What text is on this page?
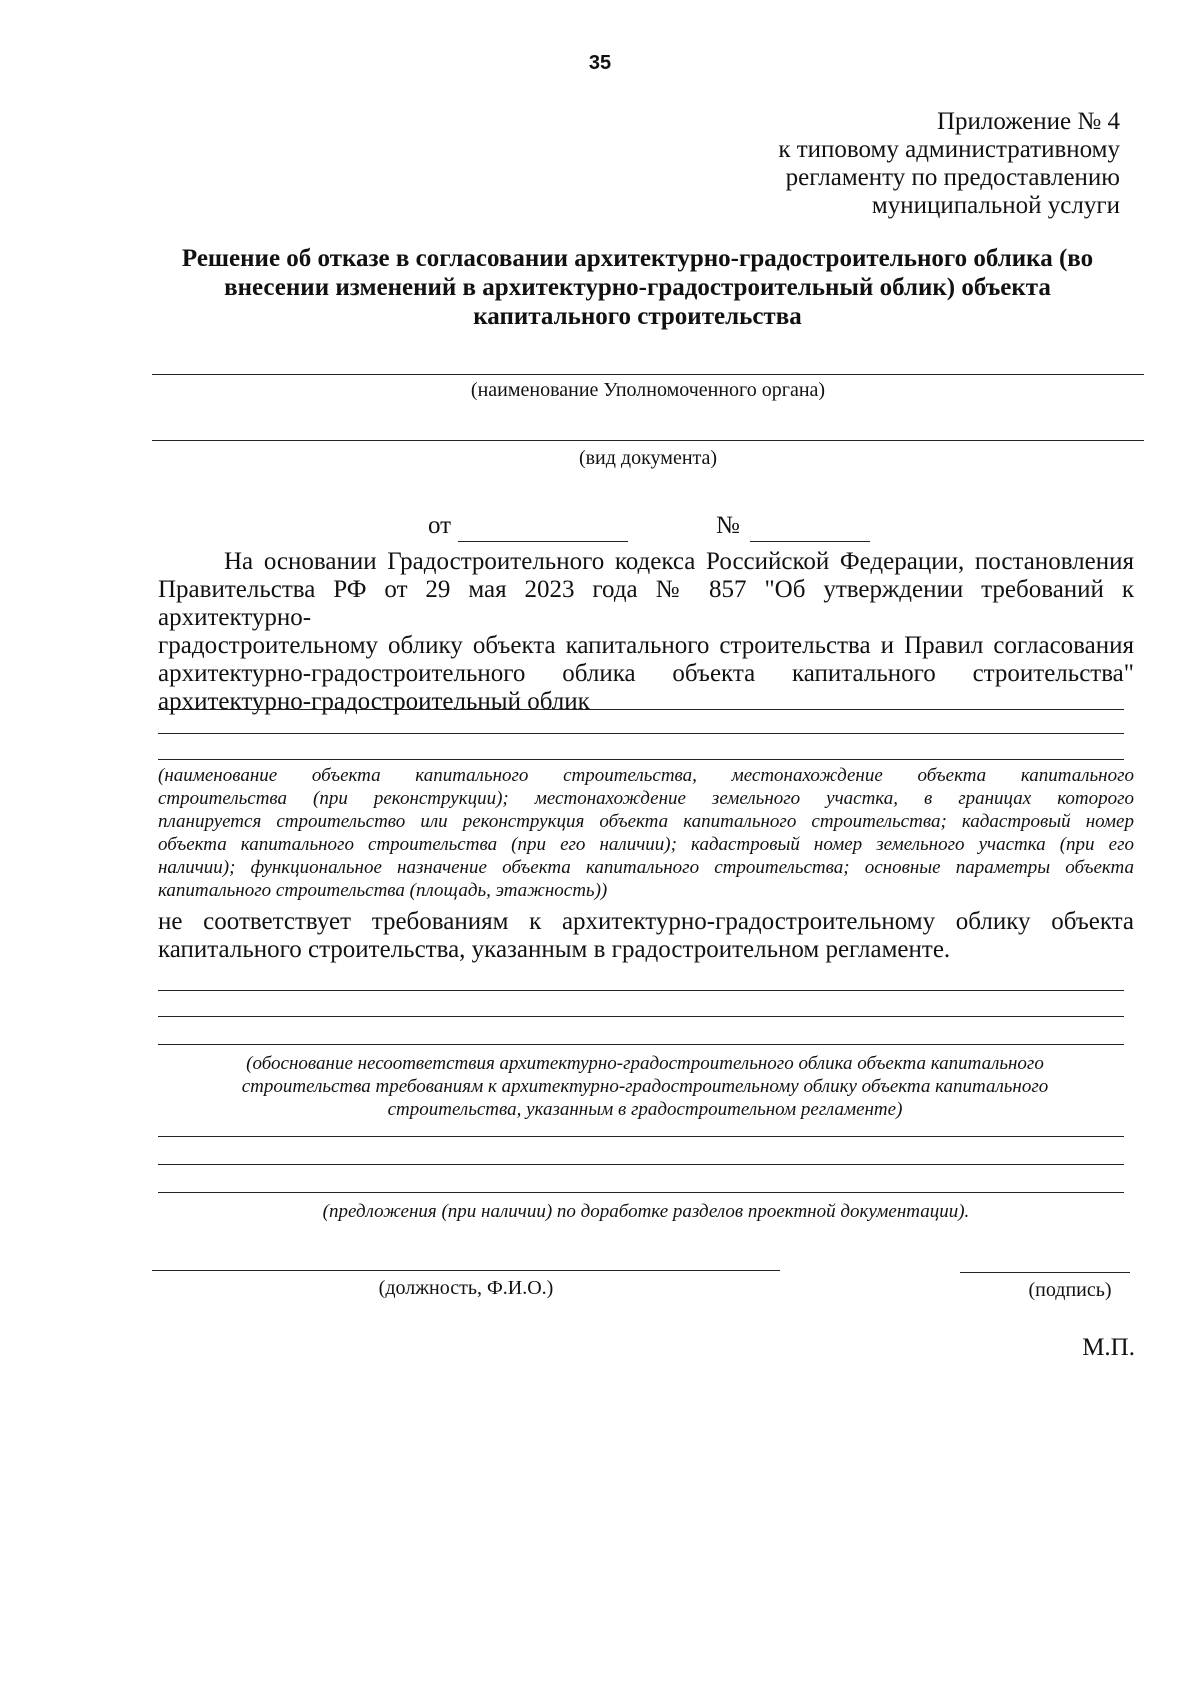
35
Приложение № 4
к типовому административному
регламенту по предоставлению
муниципальной услуги
Решение об отказе в согласовании архитектурно-градостроительного облика (во
внесении изменений в архитектурно-градостроительный облик) объекта
капитального строительства
(наименование Уполномоченного органа)
(вид документа)
от	№
На основании Градостроительного кодекса Российской Федерации, постановления
Правительства РФ от 29 мая 2023 года № 857 "Об утверждении требований к архитектурно-
градостроительному облику объекта капитального строительства и Правил согласования
архитектурно-градостроительного облика объекта капитального строительства"
архитектурно-градостроительный облик
(наименование объекта капитального строительства, местонахождение объекта капитального
строительства (при реконструкции); местонахождение земельного участка, в границах которого
планируется строительство или реконструкция объекта капитального строительства; кадастровый номер
объекта капитального строительства (при его наличии); кадастровый номер земельного участка (при его
наличии); функциональное назначение объекта капитального строительства; основные параметры объекта
капитального строительства (площадь, этажность))
не соответствует требованиям к архитектурно-градостроительному облику объекта
капитального строительства, указанным в градостроительном регламенте.
(обоснование несоответствия архитектурно-градостроительного облика объекта капитального
строительства требованиям к архитектурно-градостроительному облику объекта капитального
строительства, указанным в градостроительном регламенте)
(предложения (при наличии) по доработке разделов проектной документации).
(должность, Ф.И.О.)	(подпись)
М.П.
